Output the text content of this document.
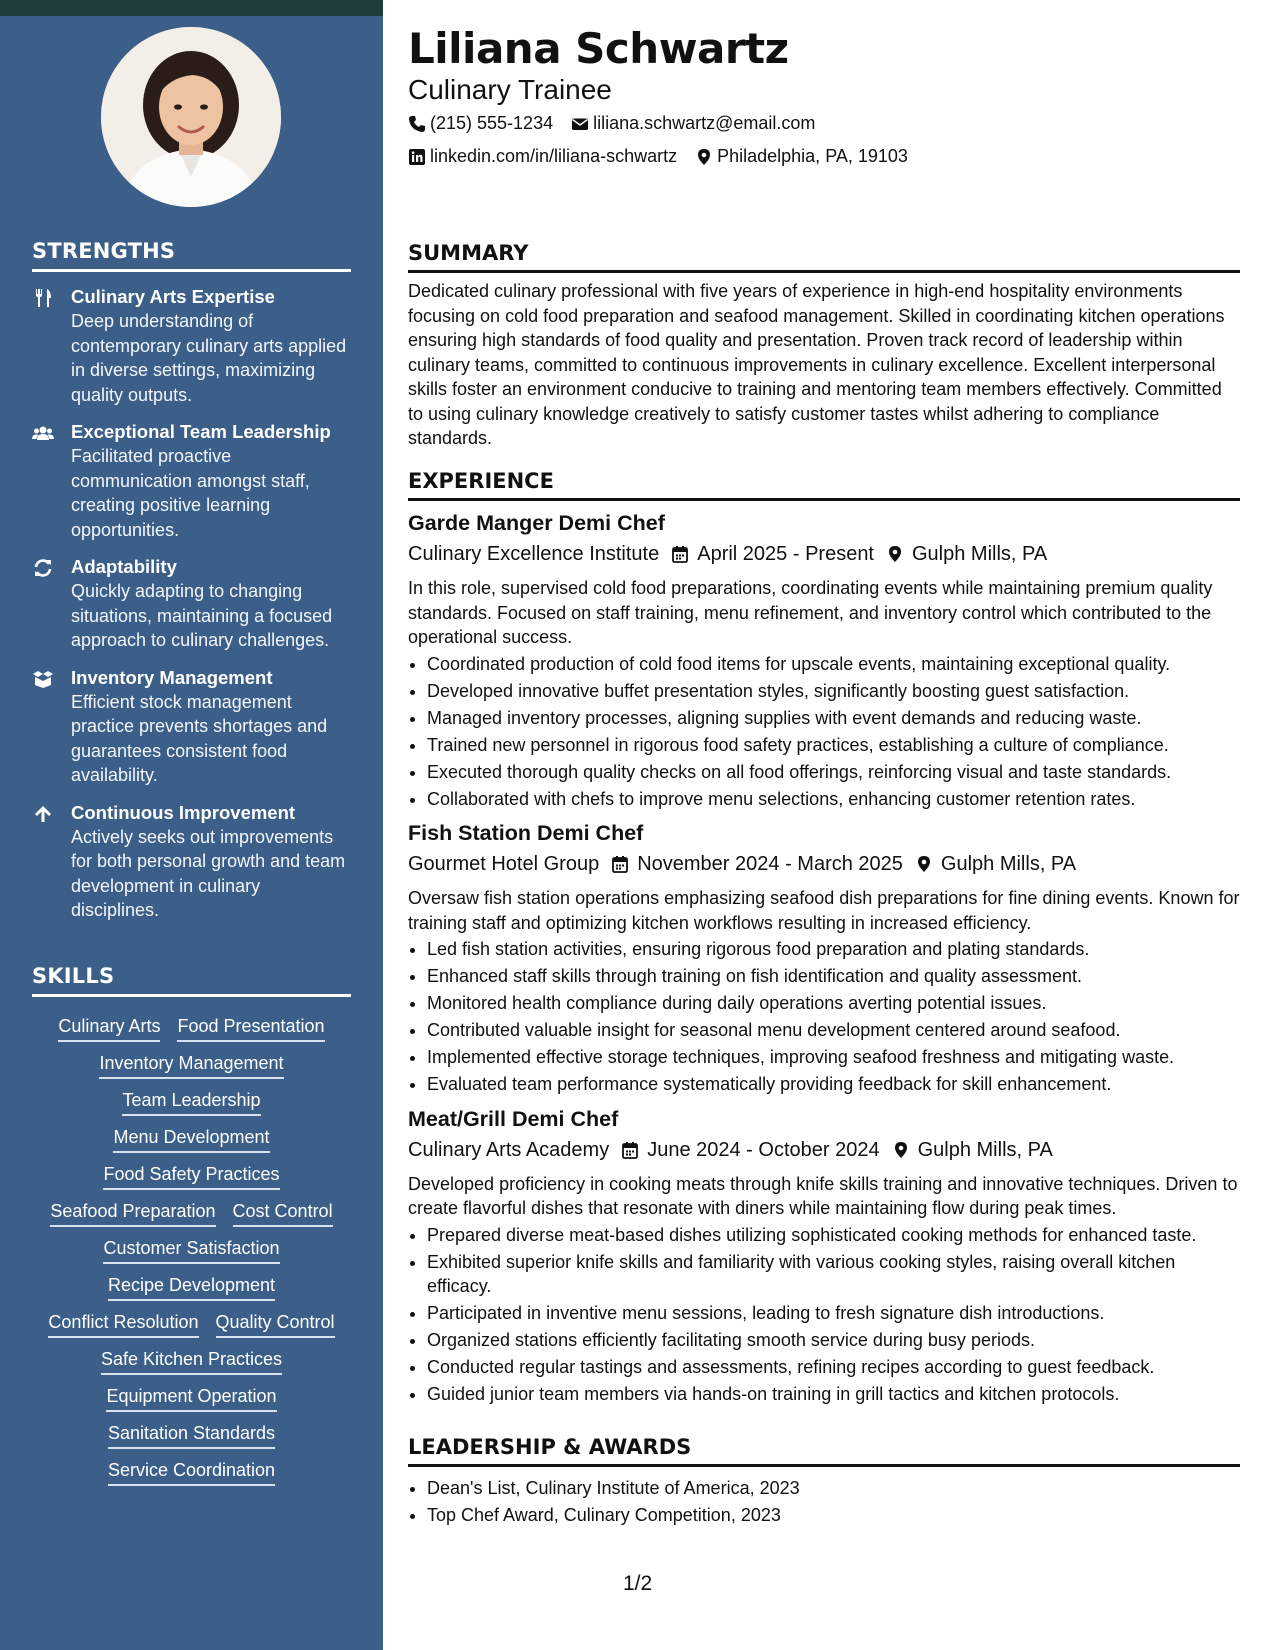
STRENGTHS
Culinary Arts Expertise
Deep understanding of contemporary culinary arts applied in diverse settings, maximizing quality outputs.
Exceptional Team Leadership
Facilitated proactive communication amongst staff, creating positive learning opportunities.
Adaptability
Quickly adapting to changing situations, maintaining a focused approach to culinary challenges.
Inventory Management
Efficient stock management practice prevents shortages and guarantees consistent food availability.
Continuous Improvement
Actively seeks out improvements for both personal growth and team development in culinary disciplines.
SKILLS
Culinary Arts Food Presentation
Inventory Management
Team Leadership
Menu Development
Food Safety Practices
Seafood Preparation Cost Control
Customer Satisfaction
Recipe Development
Conflict Resolution Quality Control
Safe Kitchen Practices
Equipment Operation
Sanitation Standards
Service Coordination
Liliana Schwartz
Culinary Trainee
(215) 555-1234 liliana.schwartz@email.com
linkedin.com/in/liliana-schwartz Philadelphia, PA, 19103
SUMMARY

Dedicated culinary professional with five years of experience in high-end hospitality environments focusing on cold food preparation and seafood management. Skilled in coordinating kitchen operations ensuring high standards of food quality and presentation. Proven track record of leadership within culinary teams, committed to continuous improvements in culinary excellence. Excellent interpersonal skills foster an environment conducive to training and mentoring team members effectively. Committed to using culinary knowledge creatively to satisfy customer tastes whilst adhering to compliance standards.

EXPERIENCE
Garde Manger Demi Chef
Culinary Excellence Institute April 2025 - Present Gulph Mills, PA

In this role, supervised cold food preparations, coordinating events while maintaining premium quality standards. Focused on staff training, menu refinement, and inventory control which contributed to the operational success.

• Coordinated production of cold food items for upscale events, maintaining exceptional quality.
• Developed innovative buffet presentation styles, significantly boosting guest satisfaction.
• Managed inventory processes, aligning supplies with event demands and reducing waste.
• Trained new personnel in rigorous food safety practices, establishing a culture of compliance.
• Executed thorough quality checks on all food offerings, reinforcing visual and taste standards.
• Collaborated with chefs to improve menu selections, enhancing customer retention rates.
Fish Station Demi Chef
Gourmet Hotel Group November 2024 - March 2025 Gulph Mills, PA

Oversaw fish station operations emphasizing seafood dish preparations for fine dining events. Known for training staff and optimizing kitchen workflows resulting in increased efficiency.

• Led fish station activities, ensuring rigorous food preparation and plating standards.
• Enhanced staff skills through training on fish identification and quality assessment.
• Monitored health compliance during daily operations averting potential issues.
• Contributed valuable insight for seasonal menu development centered around seafood.
• Implemented effective storage techniques, improving seafood freshness and mitigating waste.
• Evaluated team performance systematically providing feedback for skill enhancement.
Meat/Grill Demi Chef
Culinary Arts Academy June 2024 - October 2024 Gulph Mills, PA

Developed proficiency in cooking meats through knife skills training and innovative techniques. Driven to create flavorful dishes that resonate with diners while maintaining flow during peak times.

• Prepared diverse meat-based dishes utilizing sophisticated cooking methods for enhanced taste.
• Exhibited superior knife skills and familiarity with various cooking styles, raising overall kitchen efficacy.
• Participated in inventive menu sessions, leading to fresh signature dish introductions.
• Organized stations efficiently facilitating smooth service during busy periods.
• Conducted regular tastings and assessments, refining recipes according to guest feedback.
• Guided junior team members via hands-on training in grill tactics and kitchen protocols.
LEADERSHIP & AWARDS
• Dean's List, Culinary Institute of America, 2023
• Top Chef Award, Culinary Competition, 2023
1/2
